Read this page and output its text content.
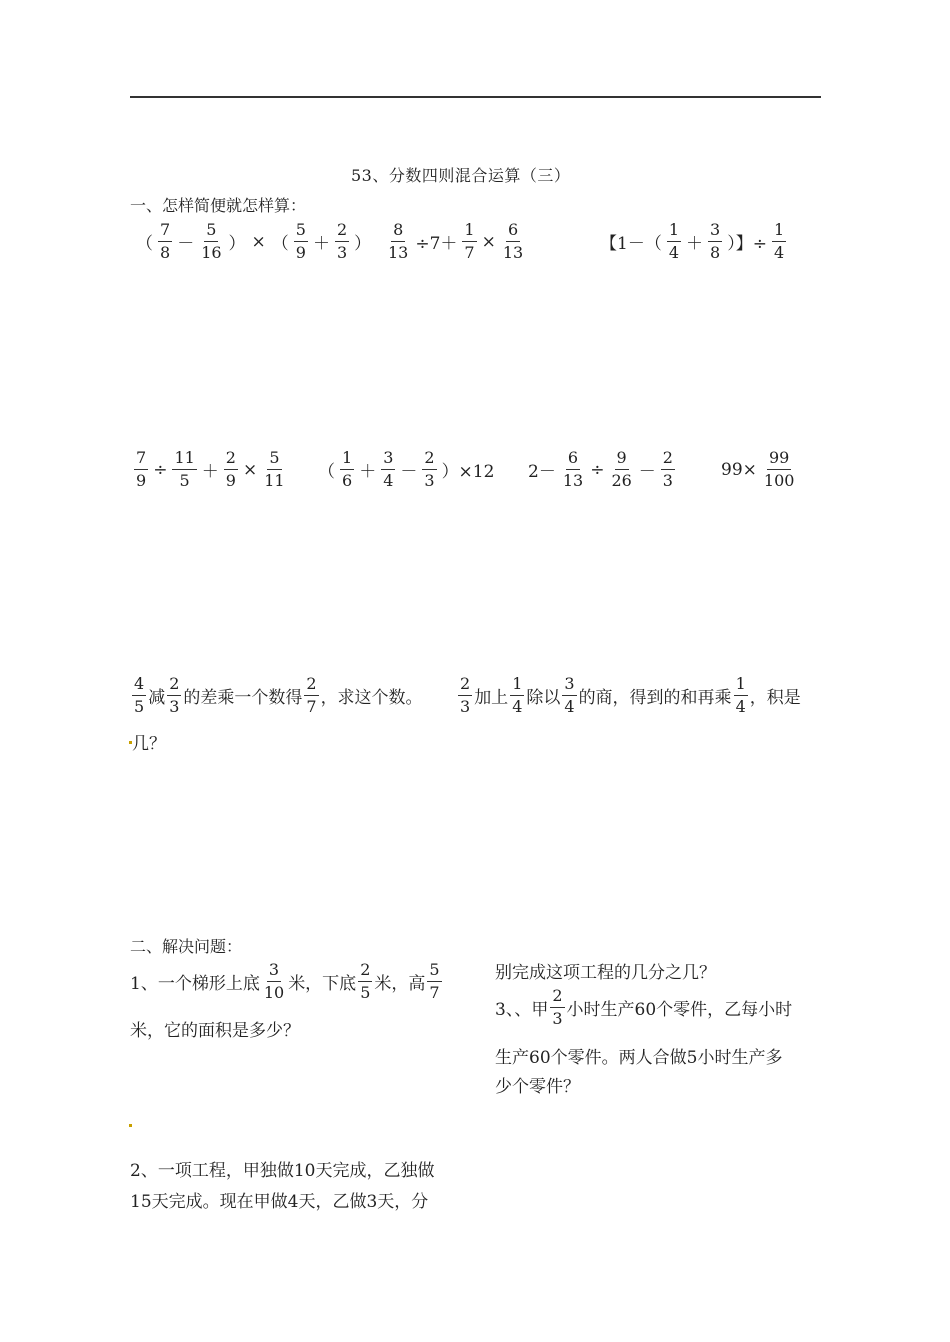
53、分数四则混合运算（三）
一、怎样简便就怎样算：
（ $\frac{7}{8} - \frac{5}{16}$ ） × （ $\frac{5}{9} + \frac{2}{3}$ ） $\frac{8}{13} \div 7+ \frac{1}{7} \times \frac{6}{13}$	【$1-( \frac{1}{4} + \frac{3}{8}$ ）】÷ $\frac{1}{4}$
$\frac{7}{9} \div \frac{11}{5} + \frac{2}{9} \times \frac{5}{11}$ （ $\frac{1}{6} + \frac{3}{4} - \frac{2}{3} )\times 12$ $2- \frac{6}{13} \div \frac{9}{26} - \frac{2}{3}$	$99\times \frac{99}{100}$
$\frac{4}{5}$ 减 $\frac{2}{3}$ 的差乘一个数得 $\frac{2}{7}$ ，求这个数。 $\frac{2}{3}$ 加上 $\frac{1}{4}$ 除以 $\frac{3}{4}$ 的商，得到的和再乘 $\frac{1}{4}$ ，积是
几？
二、解决问题：
1、一个梯形上底 $\frac{3}{10}$ 米，下底 $\frac{2}{5}$ 米，高 $\frac{5}{7}$
米，它的面积是多少？
2、一项工程，甲独做10天完成，乙独做
15天完成。现在甲做4天，乙做3天，分
别完成这项工程的几分之几？
3、、甲 $\frac{2}{3}$ 小时生产60个零件，乙每小时
生产60个零件。两人合做5小时生产多
少个零件？
